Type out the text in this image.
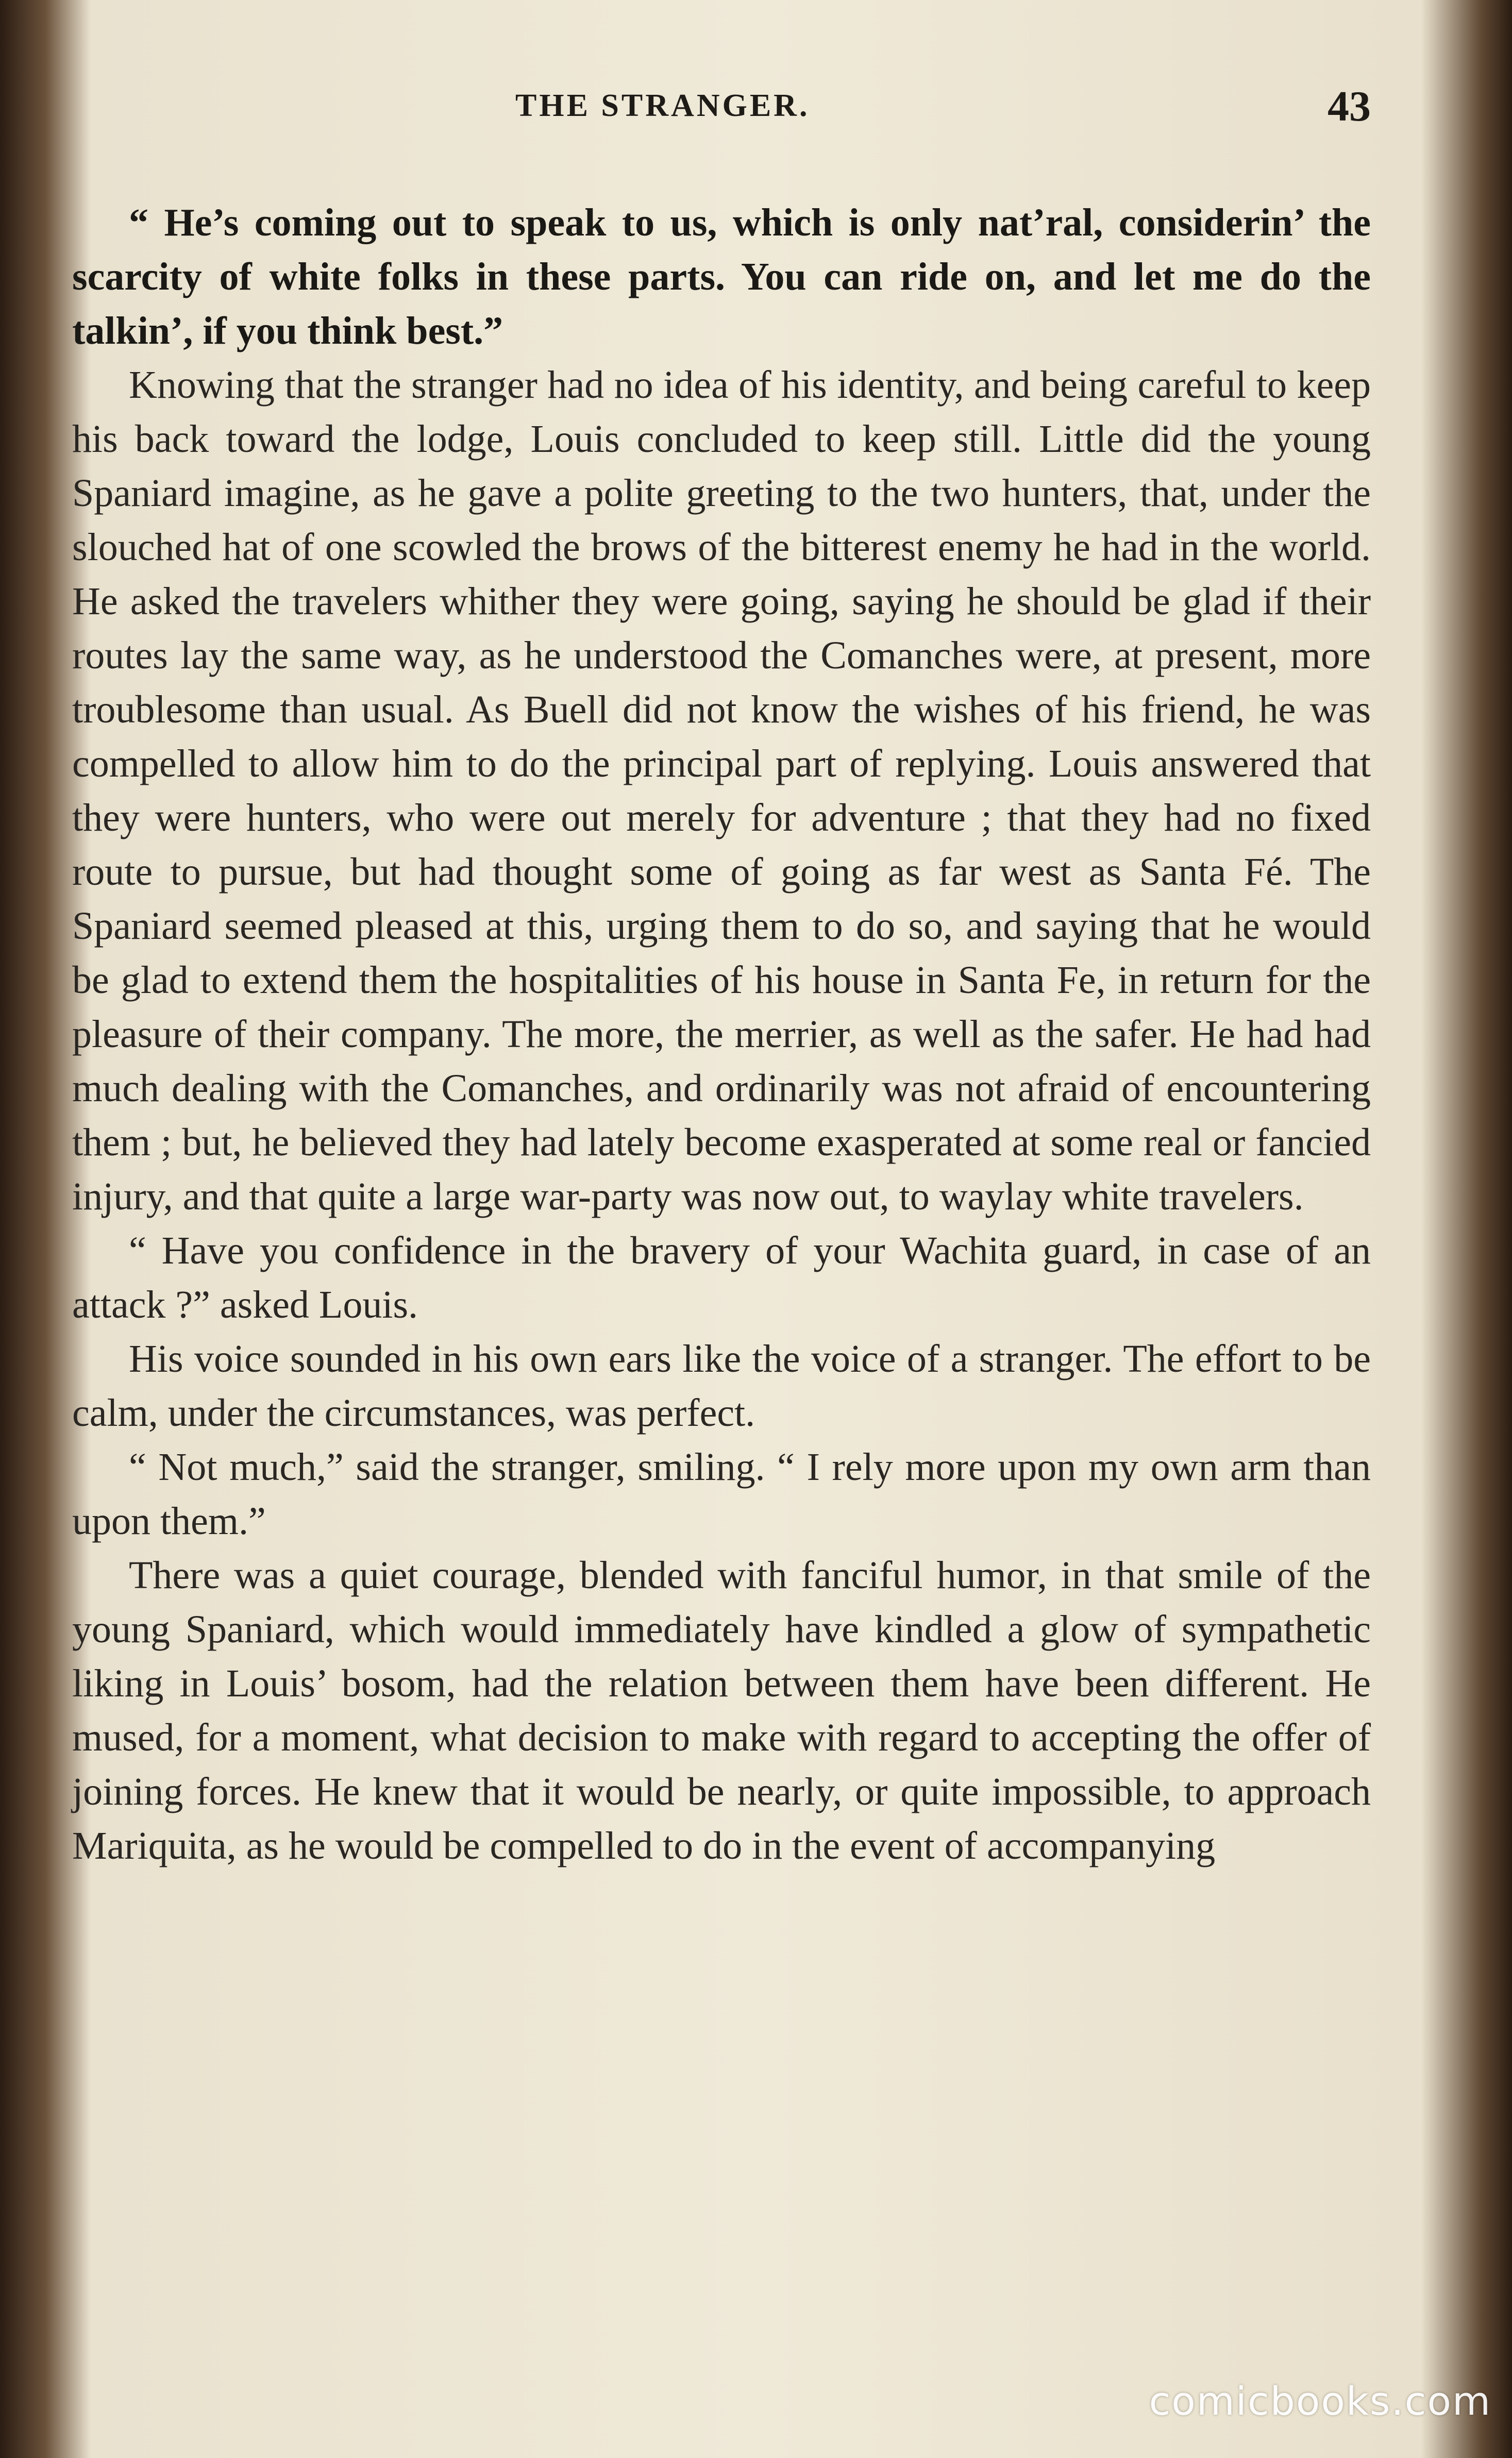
THE STRANGER.	43

“ He’s coming out to speak to us, which is only nat’ral, considerin’ the scarcity of white folks in these parts. You can ride on, and let me do the talkin’, if you think best.”

Knowing that the stranger had no idea of his identity, and being careful to keep his back toward the lodge, Louis concluded to keep still. Little did the young Spaniard imagine, as he gave a polite greeting to the two hunters, that, under the slouched hat of one scowled the brows of the bitterest enemy he had in the world. He asked the travelers whither they were going, saying he should be glad if their routes lay the same way, as he understood the Comanches were, at present, more troublesome than usual. As Buell did not know the wishes of his friend, he was compelled to allow him to do the principal part of replying. Louis answered that they were hunters, who were out merely for adventure ; that they had no fixed route to pursue, but had thought some of going as far west as Santa Fé. The Spaniard seemed pleased at this, urging them to do so, and saying that he would be glad to extend them the hospitalities of his house in Santa Fe, in return for the pleasure of their company. The more, the merrier, as well as the safer. He had had much dealing with the Comanches, and ordinarily was not afraid of encountering them ; but, he believed they had lately become exasperated at some real or fancied injury, and that quite a large war-party was now out, to waylay white travelers.

“ Have you confidence in the bravery of your Wachita guard, in case of an attack ?” asked Louis.

His voice sounded in his own ears like the voice of a stranger. The effort to be calm, under the circumstances, was perfect.

“ Not much,” said the stranger, smiling. “ I rely more upon my own arm than upon them.”

There was a quiet courage, blended with fanciful humor, in that smile of the young Spaniard, which would immediately have kindled a glow of sympathetic liking in Louis’ bosom, had the relation between them have been different. He mused, for a moment, what decision to make with regard to accepting the offer of joining forces. He knew that it would be nearly, or quite impossible, to approach Mariquita, as he would be compelled to do in the event of accompanying

comicbooks.com
